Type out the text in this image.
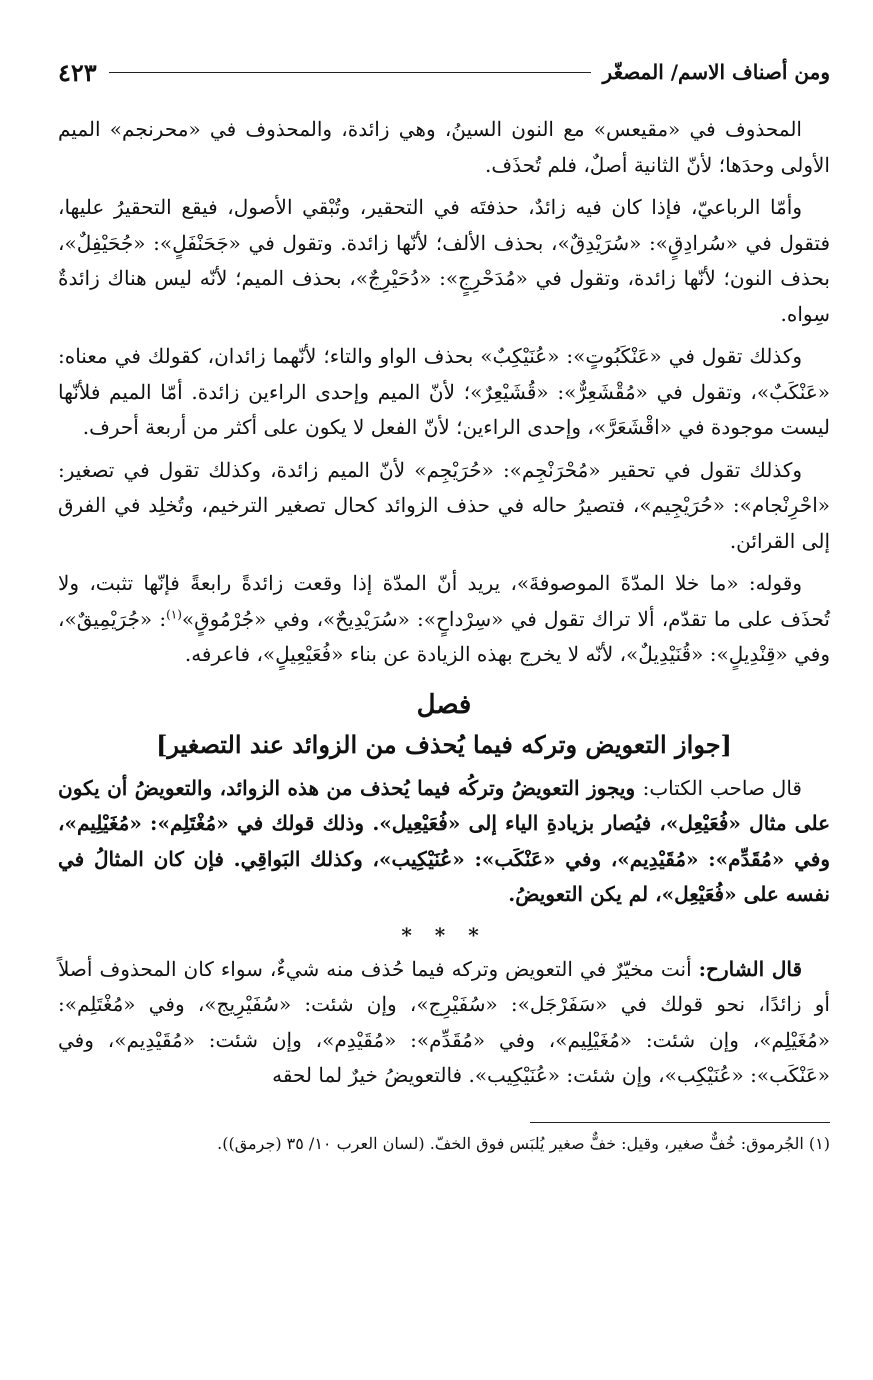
ومن أصناف الاسم/ المصغّر
٤٢٣

المحذوف في «مقيعس» مع النون السينُ، وهي زائدة، والمحذوف في «محرنجم» الميم الأولى وحدَها؛ لأنّ الثانية أصلٌ، فلم تُحذَف.

وأمّا الرباعيّ، فإذا كان فيه زائدٌ، حذفتَه في التحقير، وتُبْقي الأصول، فيقع التحقيرُ عليها، فتقول في «سُرادِقٍ»: «سُرَيْدِقٌ»، بحذف الألف؛ لأنّها زائدة. وتقول في «جَحَنْفَلٍ»: «جُحَيْفِلٌ»، بحذف النون؛ لأنّها زائدة، وتقول في «مُدَحْرِجٍ»: «دُحَيْرِجٌ»، بحذف الميم؛ لأنّه ليس هناك زائدةٌ سِواه.

وكذلك تقول في «عَنْكَبُوتٍ»: «عُنَيْكِبٌ» بحذف الواو والتاء؛ لأنّهما زائدان، كقولك في معناه: «عَنْكَبٌ»، وتقول في «مُقْشَعِرٌّ»: «قُشَيْعِرٌ»؛ لأنّ الميم وإحدى الراءين زائدة. أمّا الميم فلأنّها ليست موجودة في «اقْشَعَرَّ»، وإحدى الراءين؛ لأنّ الفعل لا يكون على أكثر من أربعة أحرف.

وكذلك تقول في تحقير «مُحْرَنْجِم»: «حُرَيْجِم» لأنّ الميم زائدة، وكذلك تقول في تصغير: «احْرِنْجام»: «حُرَيْجِيم»، فتصيرُ حاله في حذف الزوائد كحال تصغير الترخيم، وتُخلِد في الفرق إلى القرائن.

وقوله: «ما خلا المدّةَ الموصوفةَ»، يريد أنّ المدّة إذا وقعت زائدةً رابعةً فإنّها تثبت، ولا تُحذَف على ما تقدّم، ألا تراك تقول في «سِرْداحٍ»: «سُرَيْدِيحٌ»، وفي «جُرْمُوقٍ»$^{(١)}$: «جُرَيْمِيقٌ»، وفي «قِنْدِيلٍ»: «قُنَيْدِيلٌ»، لأنّه لا يخرج بهذه الزيادة عن بناء «فُعَيْعِيلٍ»، فاعرفه.

فصل
[جواز التعويض وتركه فيما يُحذف من الزوائد عند التصغير]

قال صاحب الكتاب: ويجوز التعويضُ وتركُه فيما يُحذف من هذه الزوائد، والتعويضُ أن يكون على مثال «فُعَيْعِل»، فيُصار بزيادةِ الياء إلى «فُعَيْعِيل». وذلك قولك في «مُغْتَلِم»: «مُغَيْلِيم»، وفي «مُقَدِّم»: «مُقَيْدِيم»، وفي «عَنْكَب»: «عُنَيْكِيب»، وكذلك البَواقِي. فإن كان المثالُ في نفسه على «فُعَيْعِل»، لم يكن التعويضُ.

* * *

قال الشارح: أنت مخيّرٌ في التعويض وتركه فيما حُذف منه شيءٌ، سواء كان المحذوف أصلاً أو زائدًا، نحو قولك في «سَفَرْجَل»: «سُفَيْرِج»، وإن شئت: «سُفَيْرِيج»، وفي «مُغْتَلِم»: «مُغَيْلِم»، وإن شئت: «مُغَيْلِيم»، وفي «مُقَدِّم»: «مُقَيْدِم»، وإن شئت: «مُقَيْدِيم»، وفي «عَنْكَب»: «عُنَيْكِب»، وإن شئت: «عُنَيْكِيب». فالتعويضُ خيرٌ لما لحقه

(١) الجُرموق: خُفٌّ صغير، وقيل: خفٌّ صغير يُلبَس فوق الخفّ. (لسان العرب ١٠/ ٣٥ (جرمق)).
